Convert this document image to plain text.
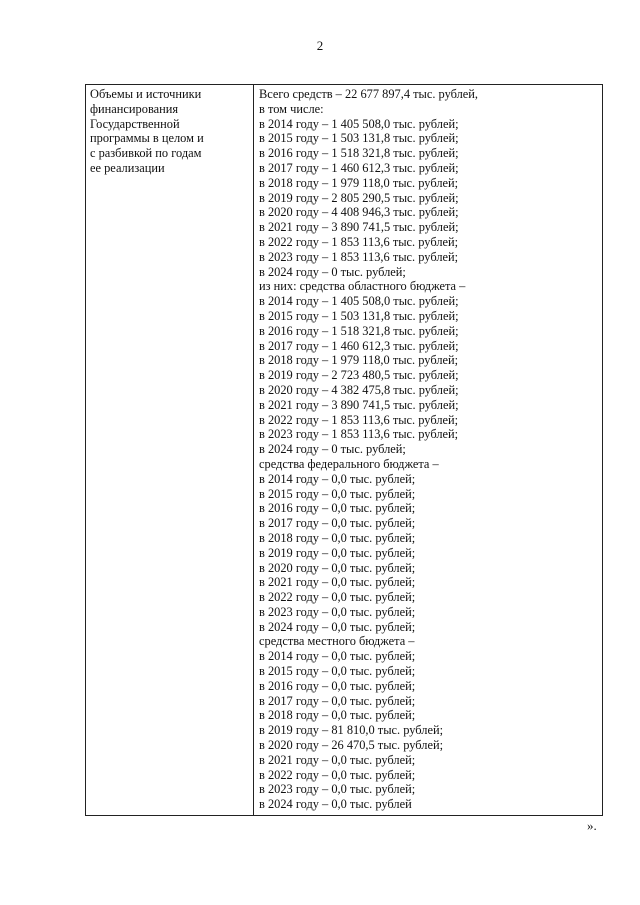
2
Объемы и источники
финансирования
Государственной
программы в целом и
с разбивкой по годам
ее реализации
Всего средств – 22 677 897,4 тыс. рублей,
в том числе:
в 2014 году – 1 405 508,0 тыс. рублей;
в 2015 году – 1 503 131,8 тыс. рублей;
в 2016 году – 1 518 321,8 тыс. рублей;
в 2017 году – 1 460 612,3 тыс. рублей;
в 2018 году – 1 979 118,0 тыс. рублей;
в 2019 году – 2 805 290,5 тыс. рублей;
в 2020 году – 4 408 946,3 тыс. рублей;
в 2021 году – 3 890 741,5 тыс. рублей;
в 2022 году – 1 853 113,6 тыс. рублей;
в 2023 году – 1 853 113,6 тыс. рублей;
в 2024 году – 0 тыс. рублей;
из них: средства областного бюджета –
в 2014 году – 1 405 508,0 тыс. рублей;
в 2015 году – 1 503 131,8 тыс. рублей;
в 2016 году – 1 518 321,8 тыс. рублей;
в 2017 году – 1 460 612,3 тыс. рублей;
в 2018 году – 1 979 118,0 тыс. рублей;
в 2019 году – 2 723 480,5 тыс. рублей;
в 2020 году – 4 382 475,8 тыс. рублей;
в 2021 году – 3 890 741,5 тыс. рублей;
в 2022 году – 1 853 113,6 тыс. рублей;
в 2023 году – 1 853 113,6 тыс. рублей;
в 2024 году – 0 тыс. рублей;
средства федерального бюджета –
в 2014 году – 0,0 тыс. рублей;
в 2015 году – 0,0 тыс. рублей;
в 2016 году – 0,0 тыс. рублей;
в 2017 году – 0,0 тыс. рублей;
в 2018 году – 0,0 тыс. рублей;
в 2019 году – 0,0 тыс. рублей;
в 2020 году – 0,0 тыс. рублей;
в 2021 году – 0,0 тыс. рублей;
в 2022 году – 0,0 тыс. рублей;
в 2023 году – 0,0 тыс. рублей;
в 2024 году – 0,0 тыс. рублей;
средства местного бюджета –
в 2014 году – 0,0 тыс. рублей;
в 2015 году – 0,0 тыс. рублей;
в 2016 году – 0,0 тыс. рублей;
в 2017 году – 0,0 тыс. рублей;
в 2018 году – 0,0 тыс. рублей;
в 2019 году – 81 810,0 тыс. рублей;
в 2020 году – 26 470,5 тыс. рублей;
в 2021 году – 0,0 тыс. рублей;
в 2022 году – 0,0 тыс. рублей;
в 2023 году – 0,0 тыс. рублей;
в 2024 году – 0,0 тыс. рублей
».
